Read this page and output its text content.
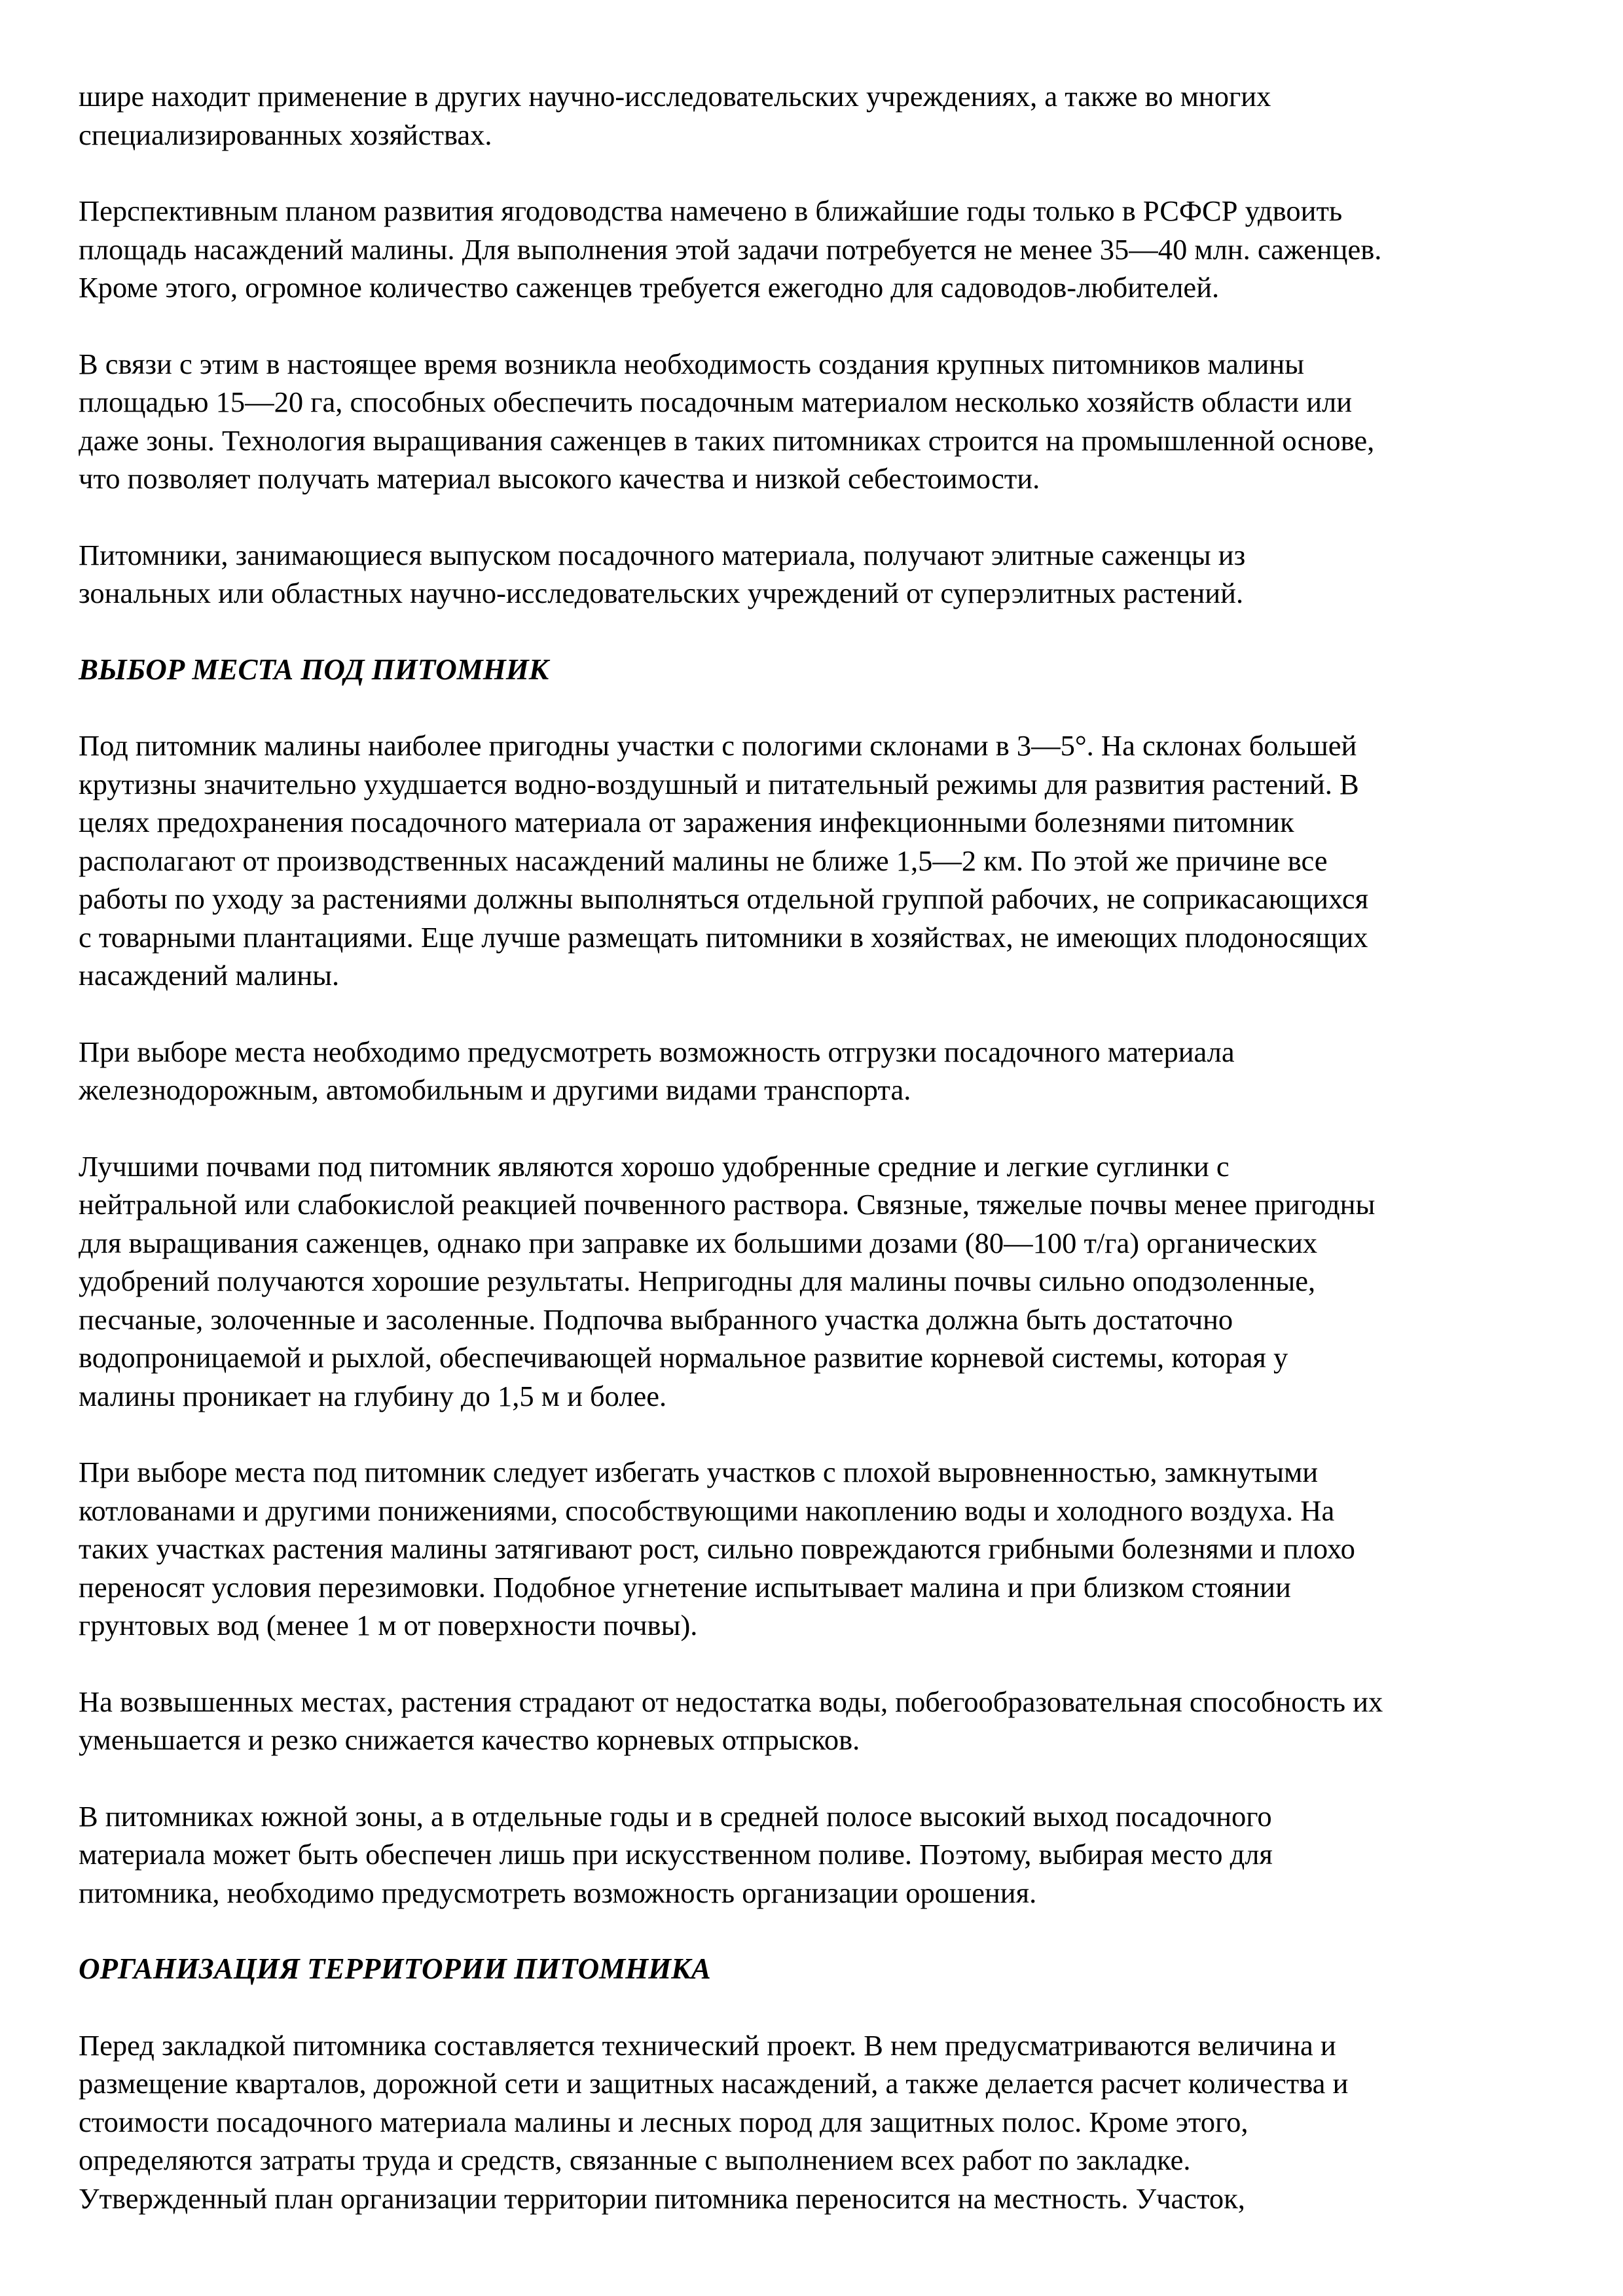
шире находит применение в других научно-исследовательских учреждениях, а также во многих
специализированных хозяйствах.

Перспективным планом развития ягодоводства намечено в ближайшие годы только в РСФСР удвоить
площадь насаждений малины. Для выполнения этой задачи потребуется не менее 35—40 млн. саженцев.
Кроме этого, огромное количество саженцев требуется ежегодно для садоводов-любителей.

В связи с этим в настоящее время возникла необходимость создания крупных питомников малины
площадью 15—20 га, способных обеспечить посадочным материалом несколько хозяйств области или
даже зоны. Технология выращивания саженцев в таких питомниках строится на промышленной основе,
что позволяет получать материал высокого качества и низкой себестоимости.

Питомники, занимающиеся выпуском посадочного материала, получают элитные саженцы из
зональных или областных научно-исследовательских учреждений от суперэлитных растений.

ВЫБОР МЕСТА ПОД ПИТОМНИК

Под питомник малины наиболее пригодны участки с пологими склонами в 3—5°. На склонах большей
крутизны значительно ухудшается водно-воздушный и питательный режимы для развития растений. В
целях предохранения посадочного материала от заражения инфекционными болезнями питомник
располагают от производственных насаждений малины не ближе 1,5—2 км. По этой же причине все
работы по уходу за растениями должны выполняться отдельной группой рабочих, не соприкасающихся
с товарными плантациями. Еще лучше размещать питомники в хозяйствах, не имеющих плодоносящих
насаждений малины.

При выборе места необходимо предусмотреть возможность отгрузки посадочного материала
железнодорожным, автомобильным и другими видами транспорта.

Лучшими почвами под питомник являются хорошо удобренные средние и легкие суглинки с
нейтральной или слабокислой реакцией почвенного раствора. Связные, тяжелые почвы менее пригодны
для выращивания саженцев, однако при заправке их большими дозами (80—100 т/га) органических
удобрений получаются хорошие результаты. Непригодны для малины почвы сильно оподзоленные,
песчаные, золоченные и засоленные. Подпочва выбранного участка должна быть достаточно
водопроницаемой и рыхлой, обеспечивающей нормальное развитие корневой системы, которая у
малины проникает на глубину до 1,5 м и более.

При выборе места под питомник следует избегать участков с плохой выровненностью, замкнутыми
котлованами и другими понижениями, способствующими накоплению воды и холодного воздуха. На
таких участках растения малины затягивают рост, сильно повреждаются грибными болезнями и плохо
переносят условия перезимовки. Подобное угнетение испытывает малина и при близком стоянии
грунтовых вод (менее 1 м от поверхности почвы).

На возвышенных местах, растения страдают от недостатка воды, побегообразовательная способность их
уменьшается и резко снижается качество корневых отпрысков.

В питомниках южной зоны, а в отдельные годы и в средней полосе высокий выход посадочного
материала может быть обеспечен лишь при искусственном поливе. Поэтому, выбирая место для
питомника, необходимо предусмотреть возможность организации орошения.

ОРГАНИЗАЦИЯ ТЕРРИТОРИИ ПИТОМНИКА

Перед закладкой питомника составляется технический проект. В нем предусматриваются величина и
размещение кварталов, дорожной сети и защитных насаждений, а также делается расчет количества и
стоимости посадочного материала малины и лесных пород для защитных полос. Кроме этого,
определяются затраты труда и средств, связанные с выполнением всех работ по закладке.
Утвержденный план организации территории питомника переносится на местность. Участок,
